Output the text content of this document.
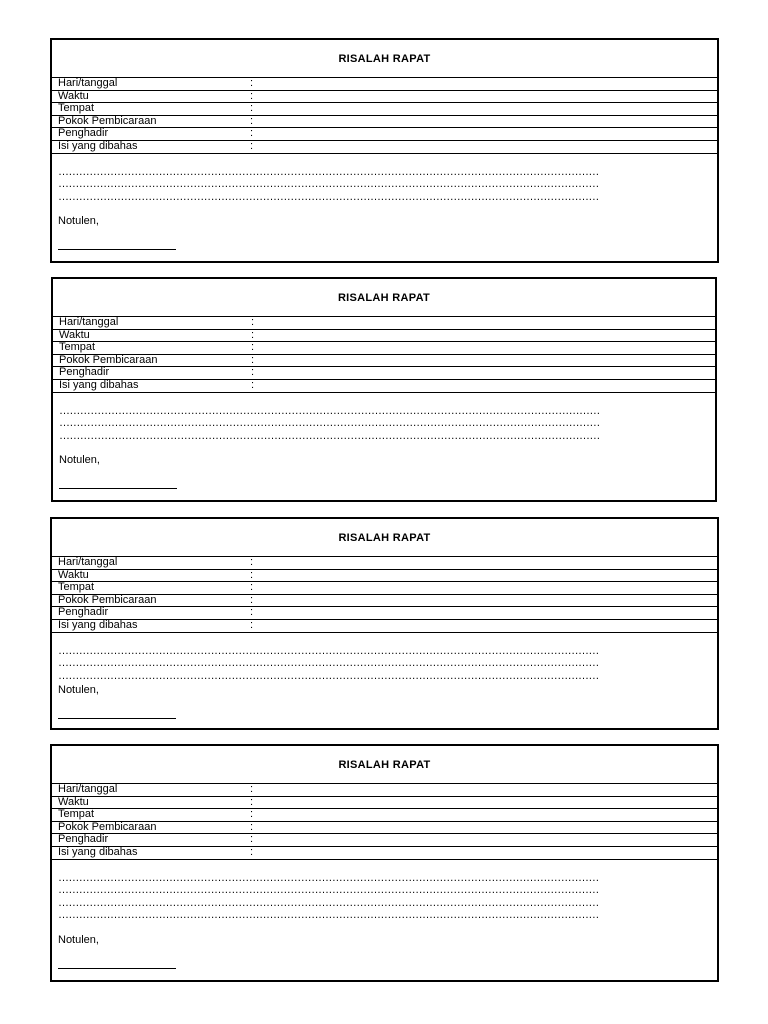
RISALAH RAPAT
Hari/tanggal	:
Waktu	:
Tempat	:
Pokok Pembicaraan	:
Penghadir	:
Isi yang dibahas	:
…………………………………………………………………………………………………………………………………………
…………………………………………………………………………………………………………………………………………
…………………………………………………………………………………………………………………………………………
Notulen,
RISALAH RAPAT
Hari/tanggal	:
Waktu	:
Tempat	:
Pokok Pembicaraan	:
Penghadir	:
Isi yang dibahas	:
…………………………………………………………………………………………………………………………………………
…………………………………………………………………………………………………………………………………………
…………………………………………………………………………………………………………………………………………
Notulen,
RISALAH RAPAT
Hari/tanggal	:
Waktu	:
Tempat	:
Pokok Pembicaraan	:
Penghadir	:
Isi yang dibahas	:
…………………………………………………………………………………………………………………………………………
…………………………………………………………………………………………………………………………………………
…………………………………………………………………………………………………………………………………………
Notulen,
RISALAH RAPAT
Hari/tanggal	:
Waktu	:
Tempat	:
Pokok Pembicaraan	:
Penghadir	:
Isi yang dibahas	:
…………………………………………………………………………………………………………………………………………
…………………………………………………………………………………………………………………………………………
…………………………………………………………………………………………………………………………………………
…………………………………………………………………………………………………………………………………………
Notulen,
